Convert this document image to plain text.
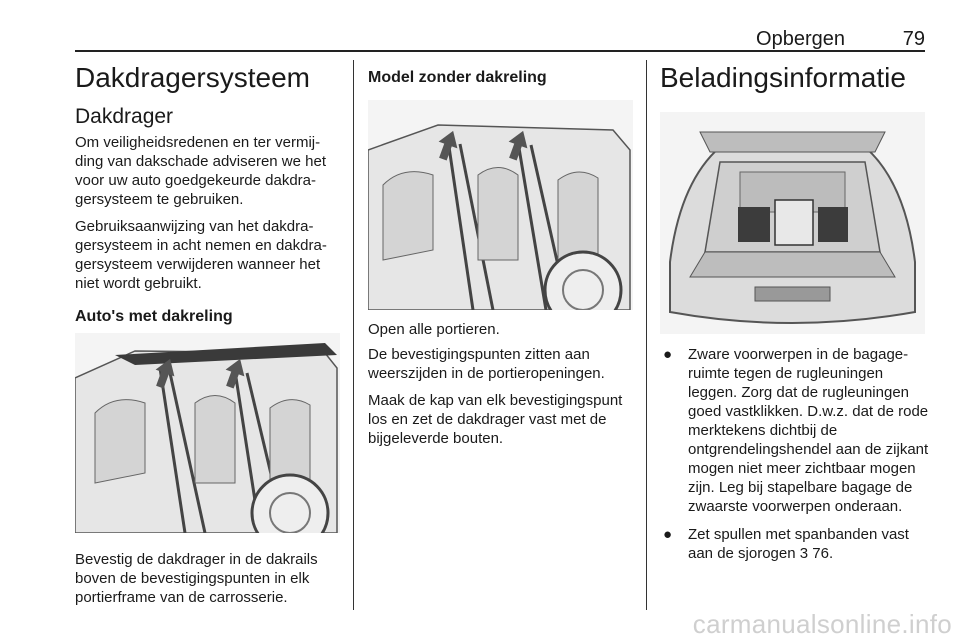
Opbergen	79
Dakdragersysteem
Dakdrager

Om veiligheidsredenen en ter vermijding van dakschade adviseren we het voor uw auto goedgekeurde dakdragersysteem te gebruiken.

Gebruiksaanwijzing van het dakdragersysteem in acht nemen en dakdragersysteem verwijderen wanneer het niet wordt gebruikt.

Auto's met dakreling

Bevestig de dakdrager in de dakrails boven de bevestigingspunten in elk portierframe van de carrosserie.

Model zonder dakreling

Open alle portieren.

De bevestigingspunten zitten aan weerszijden in de portieropeningen.

Maak de kap van elk bevestigingspunt los en zet de dakdrager vast met de bijgeleverde bouten.

Beladingsinformatie
● Zware voorwerpen in de bagageruimte tegen de rugleuningen leggen. Zorg dat de rugleuningen goed vastklikken. D.w.z. dat de rode merktekens dichtbij de ontgrendelingshendel aan de zijkant mogen niet meer zichtbaar mogen zijn. Leg bij stapelbare bagage de zwaarste voorwerpen onderaan.
● Zet spullen met spanbanden vast aan de sjorogen 3 76.
carmanualsonline.info
